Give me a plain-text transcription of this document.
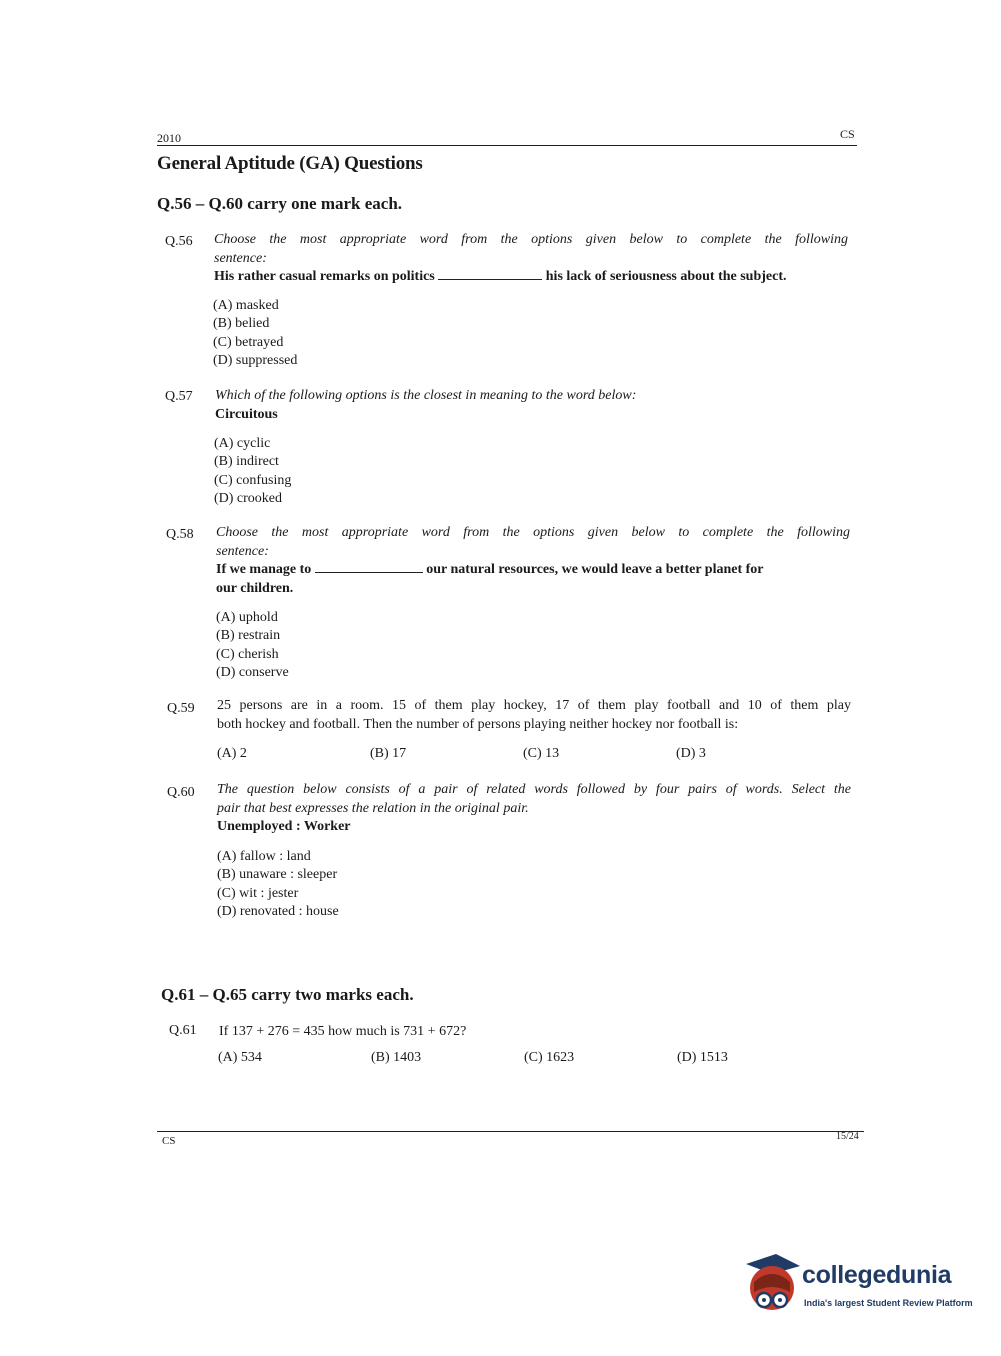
2010	CS
General Aptitude (GA) Questions
Q.56 – Q.60 carry one mark each.
Q.56 Choose the most appropriate word from the options given below to complete the following
sentence:
His rather casual remarks on politics	his lack of seriousness about the subject.
(A) masked
(B) belied
(C) betrayed
(D) suppressed
Q.57 Which of the following options is the closest in meaning to the word below:
Circuitous
(A) cyclic
(B) indirect
(C) confusing
(D) crooked
Q.58 Choose the most appropriate word from the options given below to complete the following
sentence:
If we manage to	our natural resources, we would leave a better planet for
our children.
(A) uphold
(B) restrain
(C) cherish
(D) conserve
Q.59 25 persons are in a room. 15 of them play hockey, 17 of them play football and 10 of them play
both hockey and football. Then the number of persons playing neither hockey nor football is:
(A) 2	(B) 17	(C) 13	(D) 3
Q.60 The question below consists of a pair of related words followed by four pairs of words. Select the
pair that best expresses the relation in the original pair.
Unemployed : Worker
(A) fallow : land
(B) unaware : sleeper
(C) wit : jester
(D) renovated : house
Q.61 – Q.65 carry two marks each.
Q.61 If 137 + 276 = 435 how much is 731 + 672?
(A) 534	(B) 1403	(C) 1623	(D) 1513
CS	15/24
collegedunia
India's largest Student Review Platform
